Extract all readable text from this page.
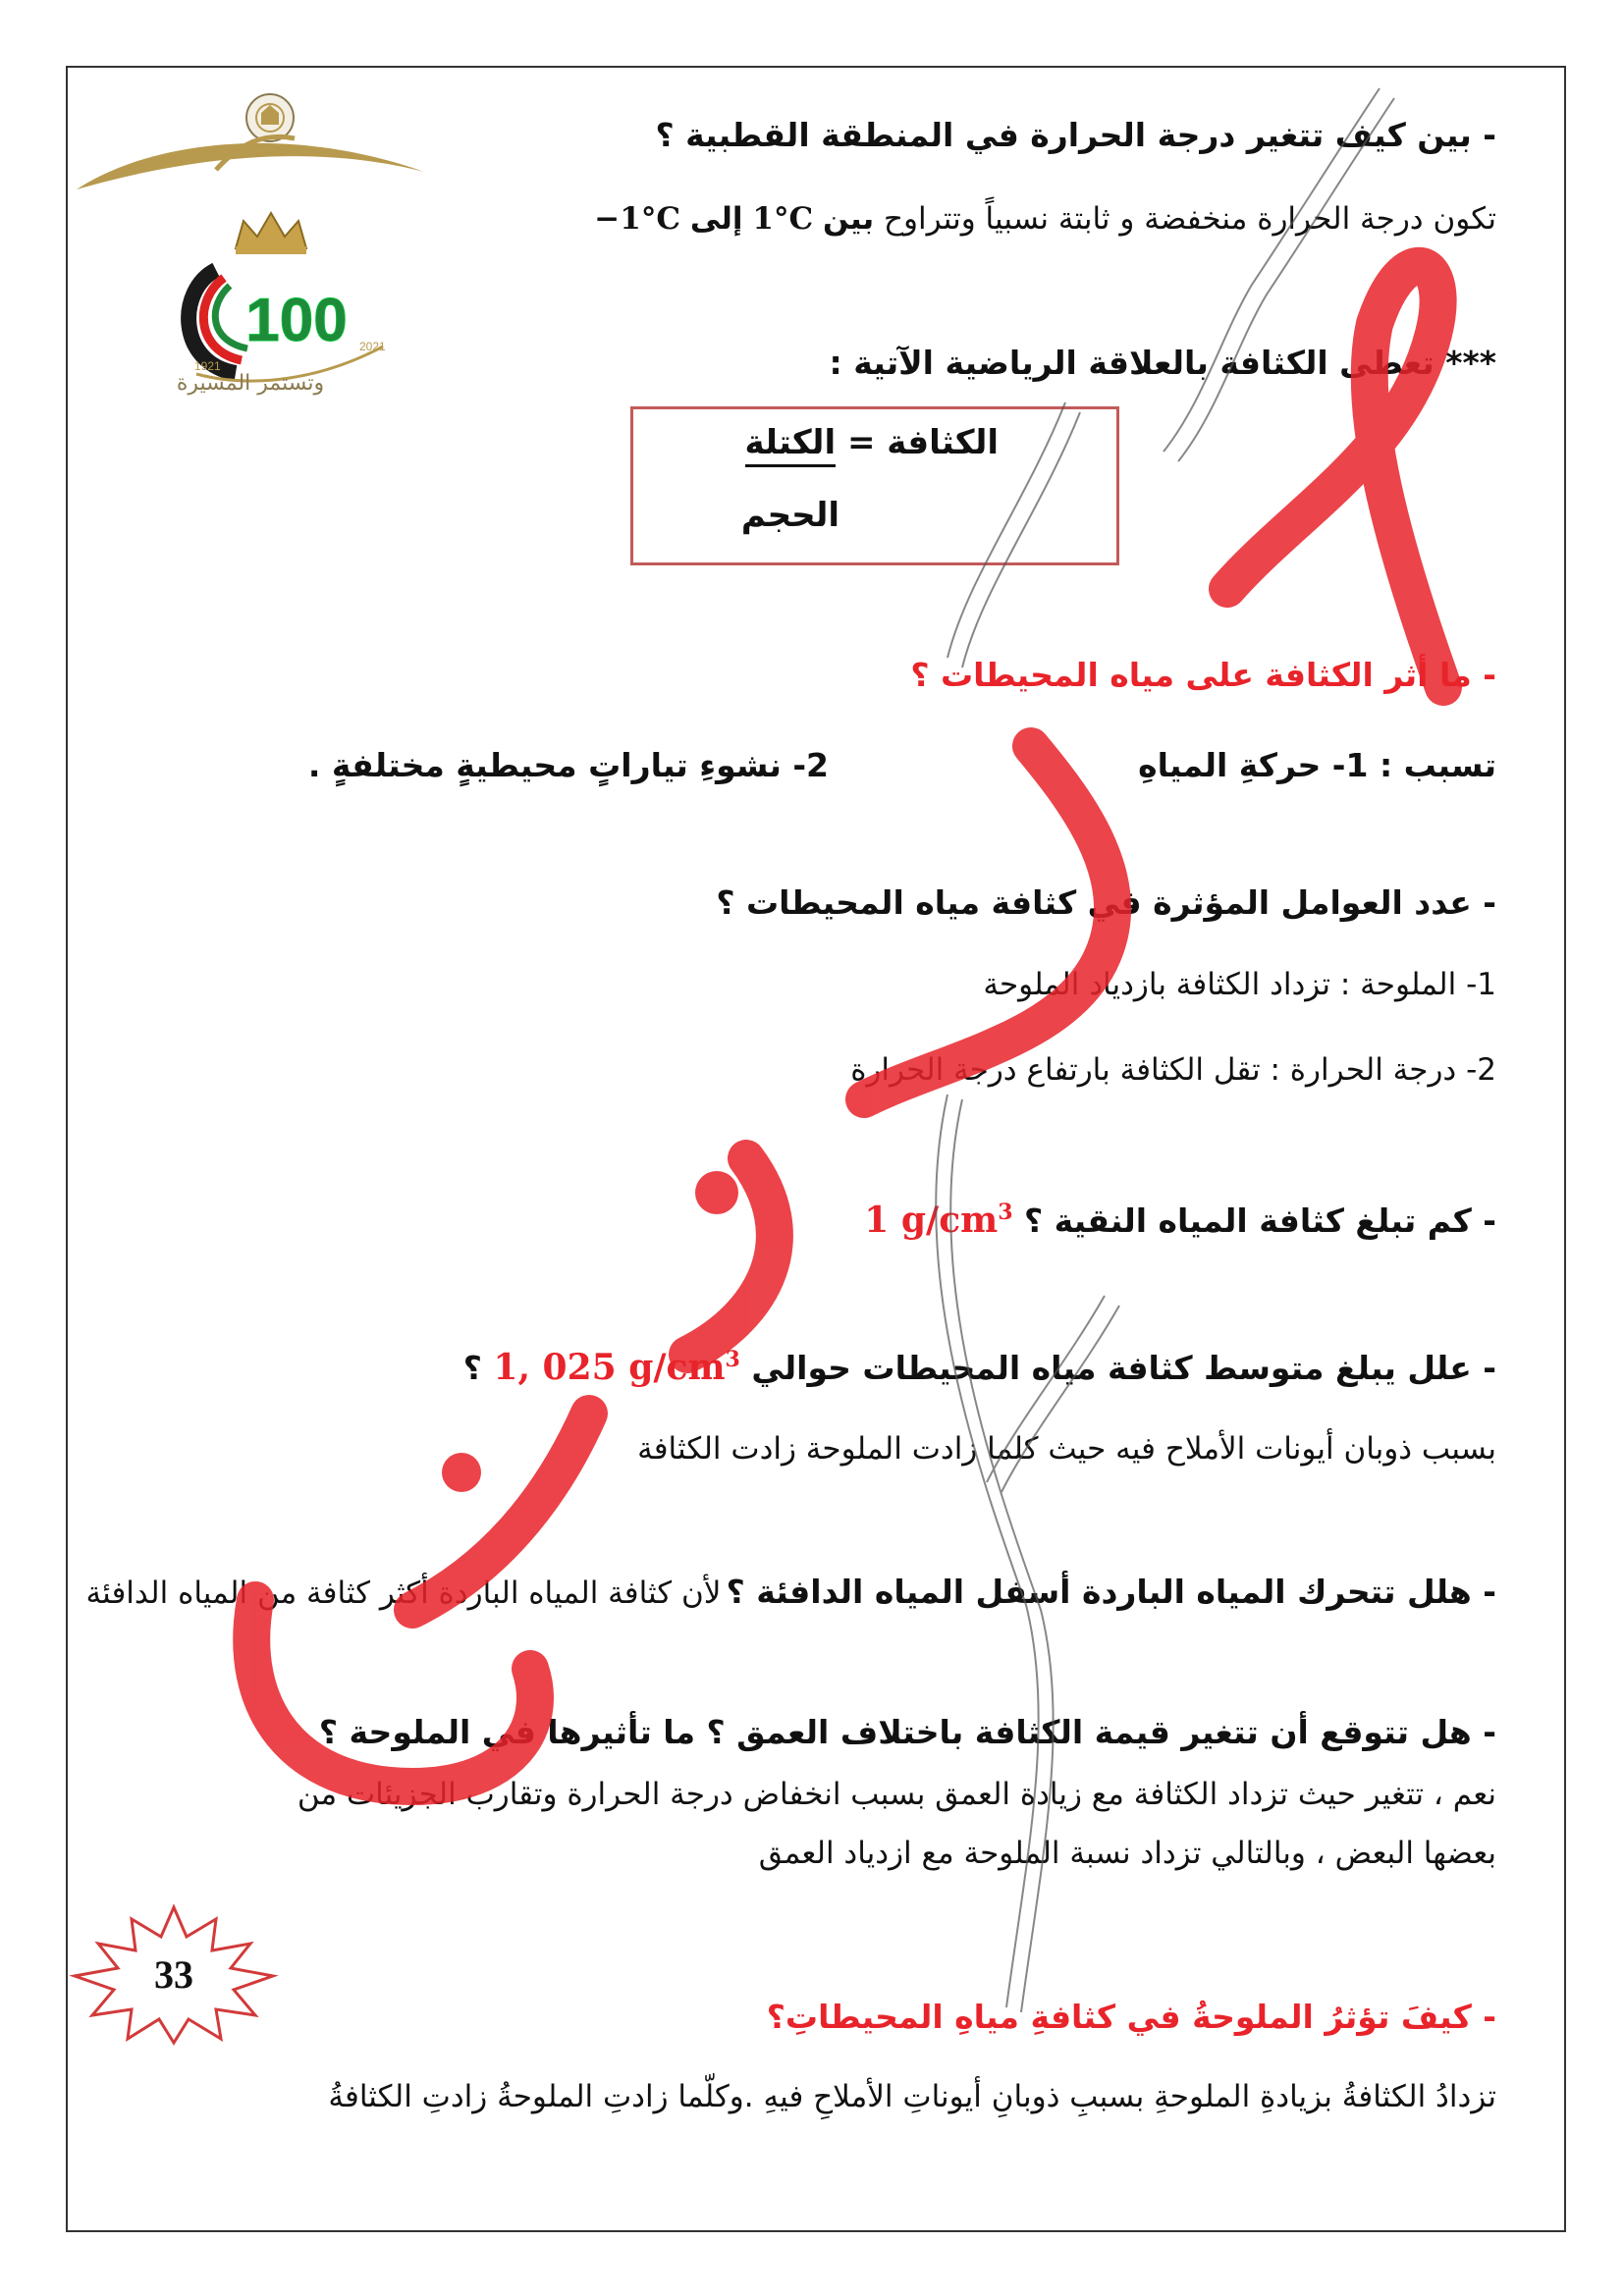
100
1921
2021
وتستمر المسيرة
- بين كيف تتغير درجة الحرارة في المنطقة القطبية ؟
تكون درجة الحرارة منخفضة و ثابتة نسبياً وتتراوح بين 1°C إلى −1°C
*** تعطى الكثافة بالعلاقة الرياضية الآتية :
الكثافة = الكتلة
الحجم
- ما أثر الكثافة على مياه المحيطات ؟
تسبب : 1- حركةِ المياهِ
2- نشوءِ تياراتٍ محيطيةٍ مختلفةٍ .
- عدد العوامل المؤثرة في كثافة مياه المحيطات ؟
1- الملوحة : تزداد الكثافة بازدياد الملوحة
2- درجة الحرارة : تقل الكثافة بارتفاع درجة الحرارة
- كم تبلغ كثافة المياه النقية ؟ 1 $g/cm^3$
- علل يبلغ متوسط كثافة مياه المحيطات حوالي 1, 025 $g/cm^3$ ؟
بسبب ذوبان أيونات الأملاح فيه حيث كلما زادت الملوحة زادت الكثافة
- هلل تتحرك المياه الباردة أسفل المياه الدافئة ؟ لأن كثافة المياه الباردة أكثر كثافة من المياه الدافئة
- هل تتوقع أن تتغير قيمة الكثافة باختلاف العمق ؟ ما تأثيرها في الملوحة ؟
نعم ، تتغير حيث تزداد الكثافة مع زيادة العمق بسبب انخفاض درجة الحرارة وتقارب الجزيئات من
بعضها البعض ، وبالتالي تزداد نسبة الملوحة مع ازدياد العمق
33
- كيفَ تؤثرُ الملوحةُ في كثافةِ مياهِ المحيطاتِ؟
تزدادُ الكثافةُ بزيادةِ الملوحةِ بسببِ ذوبانِ أيوناتِ الأملاحِ فيهِ .وكلّما زادتِ الملوحةُ زادتِ الكثافةُ
